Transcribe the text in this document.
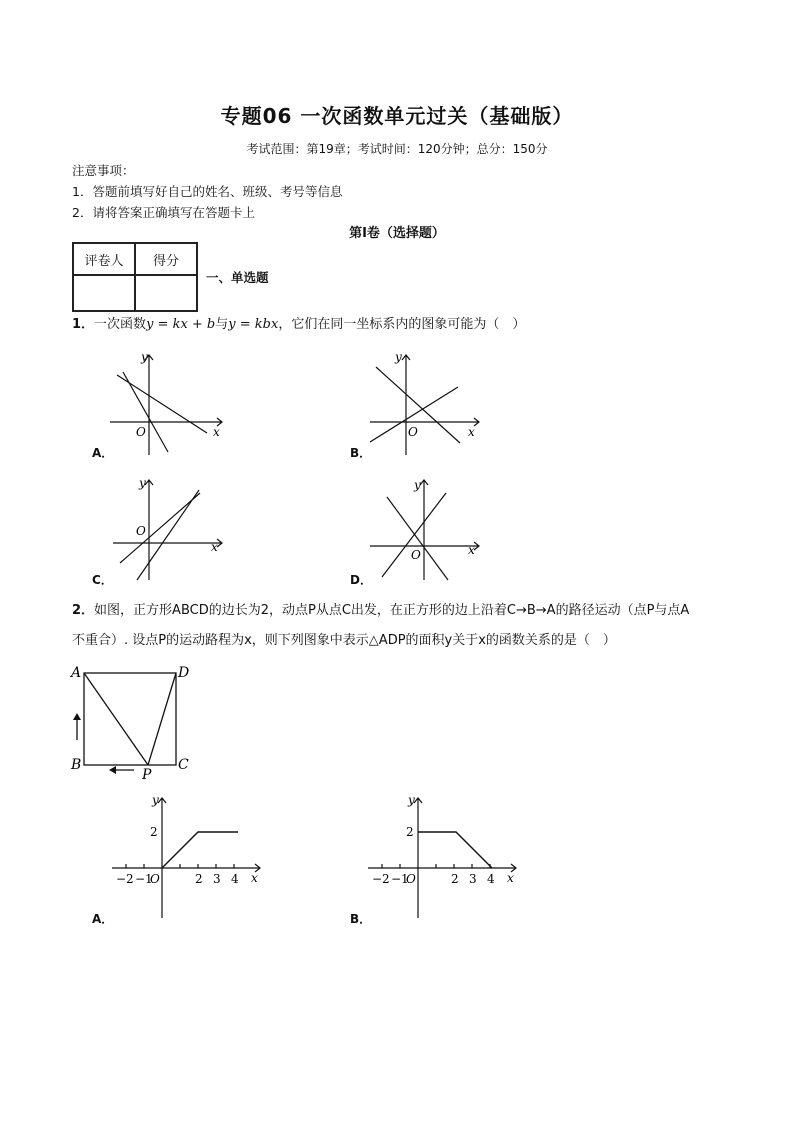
专题06 一次函数单元过关（基础版）
考试范围：第19章；考试时间：120分钟；总分：150分
注意事项：
1．答题前填写好自己的姓名、班级、考号等信息
2．请将答案正确填写在答题卡上
第I卷（选择题）
评卷人	得分

一、单选题
1．一次函数y = kx + b与y = kbx，它们在同一坐标系内的图象可能为（　）
y
x
O
A．
y
x
O
B．
y
x
O
C．
y
x
O
D．
2．如图，正方形ABCD的边长为2，动点P从点C出发，在正方形的边上沿着C→B→A的路径运动（点P与点A
不重合）. 设点P的运动路程为x，则下列图象中表示△ADP的面积y关于x的函数关系的是（　）
A	D
B	C
P
y
x
2
−2 −1
O	2 3 4
A．
y
x
2
−2 −1
O	2 3 4
B．
